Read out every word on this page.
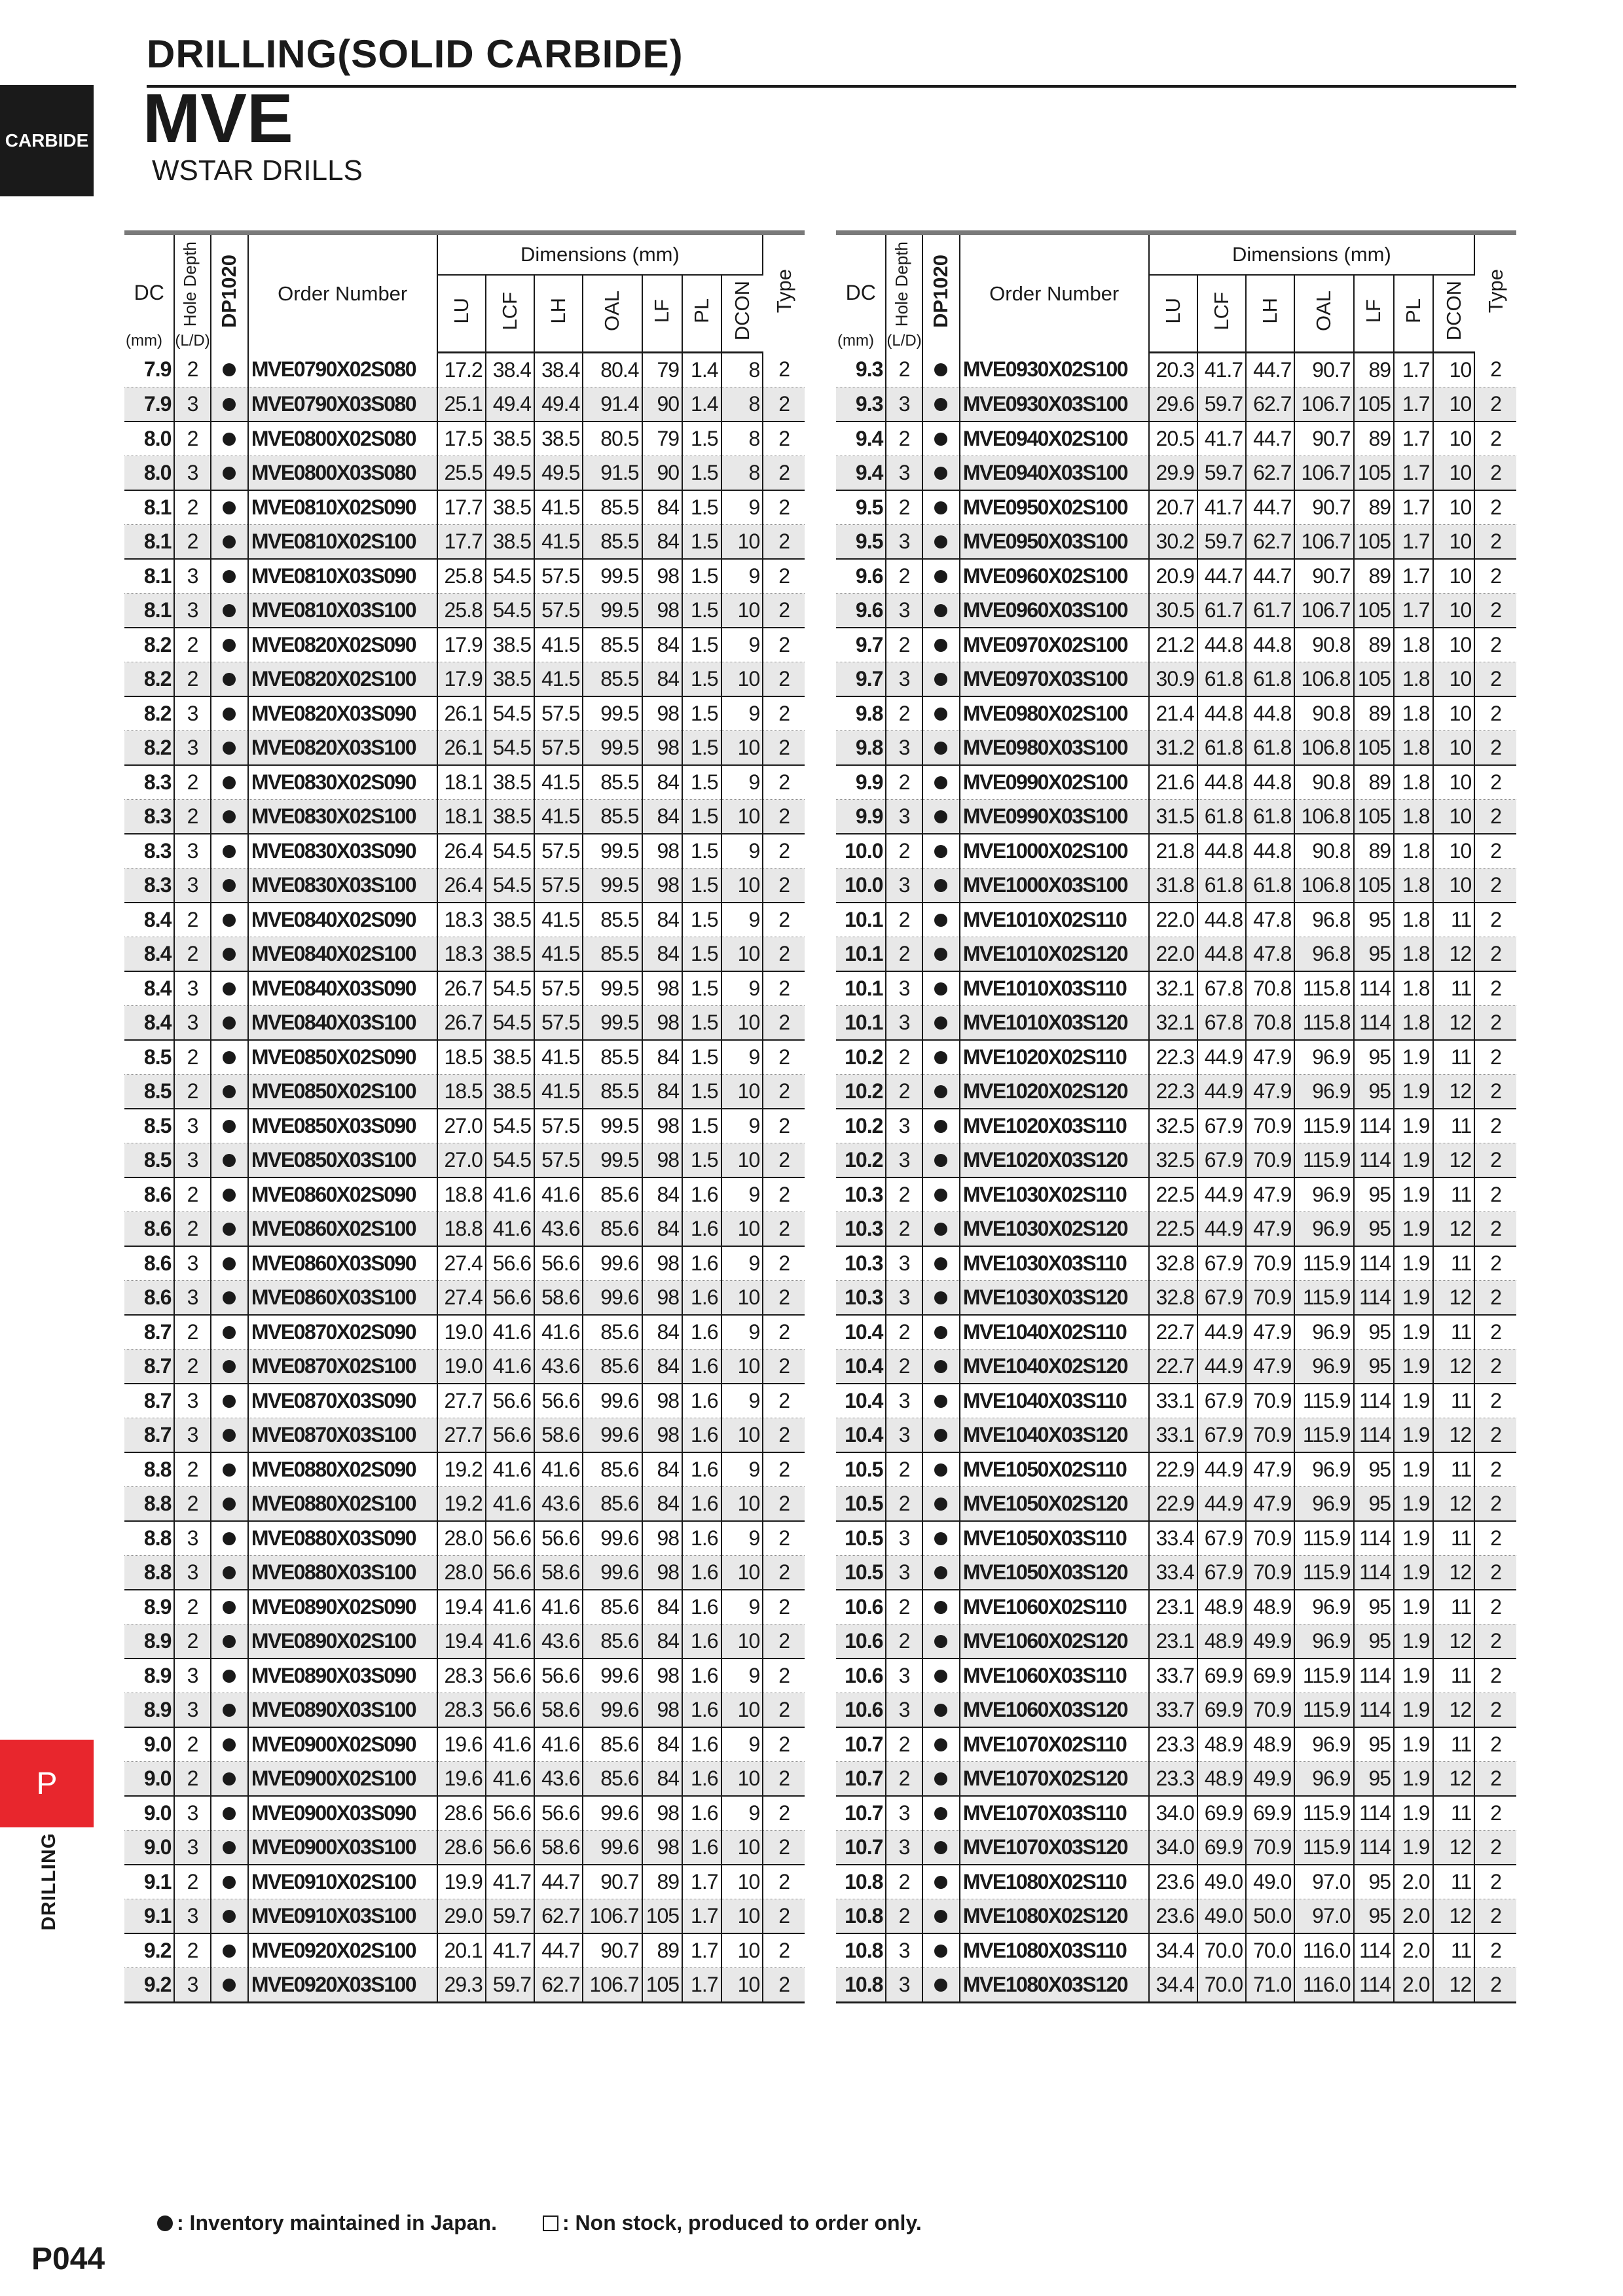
DRILLING(SOLID CARBIDE)
CARBIDE MVE
WSTAR DRILLS
DC
(mm)	Hole Depth
(L/D)	DP1020	Order Number	Dimensions (mm)							Type
				LU	LCF	LH	OAL	LF	PL	DCON	
7.9	2		MVE0790X02S080	17.2	38.4	38.4	80.4	79	1.4	8	2
7.9	3		MVE0790X03S080	25.1	49.4	49.4	91.4	90	1.4	8	2
8.0	2		MVE0800X02S080	17.5	38.5	38.5	80.5	79	1.5	8	2
8.0	3		MVE0800X03S080	25.5	49.5	49.5	91.5	90	1.5	8	2
8.1	2		MVE0810X02S090	17.7	38.5	41.5	85.5	84	1.5	9	2
8.1	2		MVE0810X02S100	17.7	38.5	41.5	85.5	84	1.5	10	2
8.1	3		MVE0810X03S090	25.8	54.5	57.5	99.5	98	1.5	9	2
8.1	3		MVE0810X03S100	25.8	54.5	57.5	99.5	98	1.5	10	2
8.2	2		MVE0820X02S090	17.9	38.5	41.5	85.5	84	1.5	9	2
8.2	2		MVE0820X02S100	17.9	38.5	41.5	85.5	84	1.5	10	2
8.2	3		MVE0820X03S090	26.1	54.5	57.5	99.5	98	1.5	9	2
8.2	3		MVE0820X03S100	26.1	54.5	57.5	99.5	98	1.5	10	2
8.3	2		MVE0830X02S090	18.1	38.5	41.5	85.5	84	1.5	9	2
8.3	2		MVE0830X02S100	18.1	38.5	41.5	85.5	84	1.5	10	2
8.3	3		MVE0830X03S090	26.4	54.5	57.5	99.5	98	1.5	9	2
8.3	3		MVE0830X03S100	26.4	54.5	57.5	99.5	98	1.5	10	2
8.4	2		MVE0840X02S090	18.3	38.5	41.5	85.5	84	1.5	9	2
8.4	2		MVE0840X02S100	18.3	38.5	41.5	85.5	84	1.5	10	2
8.4	3		MVE0840X03S090	26.7	54.5	57.5	99.5	98	1.5	9	2
8.4	3		MVE0840X03S100	26.7	54.5	57.5	99.5	98	1.5	10	2
8.5	2		MVE0850X02S090	18.5	38.5	41.5	85.5	84	1.5	9	2
8.5	2		MVE0850X02S100	18.5	38.5	41.5	85.5	84	1.5	10	2
8.5	3		MVE0850X03S090	27.0	54.5	57.5	99.5	98	1.5	9	2
8.5	3		MVE0850X03S100	27.0	54.5	57.5	99.5	98	1.5	10	2
8.6	2		MVE0860X02S090	18.8	41.6	41.6	85.6	84	1.6	9	2
8.6	2		MVE0860X02S100	18.8	41.6	43.6	85.6	84	1.6	10	2
8.6	3		MVE0860X03S090	27.4	56.6	56.6	99.6	98	1.6	9	2
8.6	3		MVE0860X03S100	27.4	56.6	58.6	99.6	98	1.6	10	2
8.7	2		MVE0870X02S090	19.0	41.6	41.6	85.6	84	1.6	9	2
8.7	2		MVE0870X02S100	19.0	41.6	43.6	85.6	84	1.6	10	2
8.7	3		MVE0870X03S090	27.7	56.6	56.6	99.6	98	1.6	9	2
8.7	3		MVE0870X03S100	27.7	56.6	58.6	99.6	98	1.6	10	2
8.8	2		MVE0880X02S090	19.2	41.6	41.6	85.6	84	1.6	9	2
8.8	2		MVE0880X02S100	19.2	41.6	43.6	85.6	84	1.6	10	2
8.8	3		MVE0880X03S090	28.0	56.6	56.6	99.6	98	1.6	9	2
8.8	3		MVE0880X03S100	28.0	56.6	58.6	99.6	98	1.6	10	2
8.9	2		MVE0890X02S090	19.4	41.6	41.6	85.6	84	1.6	9	2
8.9	2		MVE0890X02S100	19.4	41.6	43.6	85.6	84	1.6	10	2
8.9	3		MVE0890X03S090	28.3	56.6	56.6	99.6	98	1.6	9	2
8.9	3		MVE0890X03S100	28.3	56.6	58.6	99.6	98	1.6	10	2
9.0	2		MVE0900X02S090	19.6	41.6	41.6	85.6	84	1.6	9	2
9.0	2		MVE0900X02S100	19.6	41.6	43.6	85.6	84	1.6	10	2
9.0	3		MVE0900X03S090	28.6	56.6	56.6	99.6	98	1.6	9	2
9.0	3		MVE0900X03S100	28.6	56.6	58.6	99.6	98	1.6	10	2
9.1	2		MVE0910X02S100	19.9	41.7	44.7	90.7	89	1.7	10	2
9.1	3		MVE0910X03S100	29.0	59.7	62.7	106.7	105	1.7	10	2
9.2	2		MVE0920X02S100	20.1	41.7	44.7	90.7	89	1.7	10	2
9.2	3		MVE0920X03S100	29.3	59.7	62.7	106.7	105	1.7	10	2
DC
(mm)	Hole Depth
(L/D)	DP1020	Order Number	Dimensions (mm)							Type
				LU	LCF	LH	OAL	LF	PL	DCON	
9.3	2		MVE0930X02S100	20.3	41.7	44.7	90.7	89	1.7	10	2
9.3	3		MVE0930X03S100	29.6	59.7	62.7	106.7	105	1.7	10	2
9.4	2		MVE0940X02S100	20.5	41.7	44.7	90.7	89	1.7	10	2
9.4	3		MVE0940X03S100	29.9	59.7	62.7	106.7	105	1.7	10	2
9.5	2		MVE0950X02S100	20.7	41.7	44.7	90.7	89	1.7	10	2
9.5	3		MVE0950X03S100	30.2	59.7	62.7	106.7	105	1.7	10	2
9.6	2		MVE0960X02S100	20.9	44.7	44.7	90.7	89	1.7	10	2
9.6	3		MVE0960X03S100	30.5	61.7	61.7	106.7	105	1.7	10	2
9.7	2		MVE0970X02S100	21.2	44.8	44.8	90.8	89	1.8	10	2
9.7	3		MVE0970X03S100	30.9	61.8	61.8	106.8	105	1.8	10	2
9.8	2		MVE0980X02S100	21.4	44.8	44.8	90.8	89	1.8	10	2
9.8	3		MVE0980X03S100	31.2	61.8	61.8	106.8	105	1.8	10	2
9.9	2		MVE0990X02S100	21.6	44.8	44.8	90.8	89	1.8	10	2
9.9	3		MVE0990X03S100	31.5	61.8	61.8	106.8	105	1.8	10	2
10.0	2		MVE1000X02S100	21.8	44.8	44.8	90.8	89	1.8	10	2
10.0	3		MVE1000X03S100	31.8	61.8	61.8	106.8	105	1.8	10	2
10.1	2		MVE1010X02S110	22.0	44.8	47.8	96.8	95	1.8	11	2
10.1	2		MVE1010X02S120	22.0	44.8	47.8	96.8	95	1.8	12	2
10.1	3		MVE1010X03S110	32.1	67.8	70.8	115.8	114	1.8	11	2
10.1	3		MVE1010X03S120	32.1	67.8	70.8	115.8	114	1.8	12	2
10.2	2		MVE1020X02S110	22.3	44.9	47.9	96.9	95	1.9	11	2
10.2	2		MVE1020X02S120	22.3	44.9	47.9	96.9	95	1.9	12	2
10.2	3		MVE1020X03S110	32.5	67.9	70.9	115.9	114	1.9	11	2
10.2	3		MVE1020X03S120	32.5	67.9	70.9	115.9	114	1.9	12	2
10.3	2		MVE1030X02S110	22.5	44.9	47.9	96.9	95	1.9	11	2
10.3	2		MVE1030X02S120	22.5	44.9	47.9	96.9	95	1.9	12	2
10.3	3		MVE1030X03S110	32.8	67.9	70.9	115.9	114	1.9	11	2
10.3	3		MVE1030X03S120	32.8	67.9	70.9	115.9	114	1.9	12	2
10.4	2		MVE1040X02S110	22.7	44.9	47.9	96.9	95	1.9	11	2
10.4	2		MVE1040X02S120	22.7	44.9	47.9	96.9	95	1.9	12	2
10.4	3		MVE1040X03S110	33.1	67.9	70.9	115.9	114	1.9	11	2
10.4	3		MVE1040X03S120	33.1	67.9	70.9	115.9	114	1.9	12	2
10.5	2		MVE1050X02S110	22.9	44.9	47.9	96.9	95	1.9	11	2
10.5	2		MVE1050X02S120	22.9	44.9	47.9	96.9	95	1.9	12	2
10.5	3		MVE1050X03S110	33.4	67.9	70.9	115.9	114	1.9	11	2
10.5	3		MVE1050X03S120	33.4	67.9	70.9	115.9	114	1.9	12	2
10.6	2		MVE1060X02S110	23.1	48.9	48.9	96.9	95	1.9	11	2
10.6	2		MVE1060X02S120	23.1	48.9	49.9	96.9	95	1.9	12	2
10.6	3		MVE1060X03S110	33.7	69.9	69.9	115.9	114	1.9	11	2
10.6	3		MVE1060X03S120	33.7	69.9	70.9	115.9	114	1.9	12	2
10.7	2		MVE1070X02S110	23.3	48.9	48.9	96.9	95	1.9	11	2
10.7	2		MVE1070X02S120	23.3	48.9	49.9	96.9	95	1.9	12	2
10.7	3		MVE1070X03S110	34.0	69.9	69.9	115.9	114	1.9	11	2
10.7	3		MVE1070X03S120	34.0	69.9	70.9	115.9	114	1.9	12	2
10.8	2		MVE1080X02S110	23.6	49.0	49.0	97.0	95	2.0	11	2
10.8	2		MVE1080X02S120	23.6	49.0	50.0	97.0	95	2.0	12	2
10.8	3		MVE1080X03S110	34.4	70.0	70.0	116.0	114	2.0	11	2
10.8	3		MVE1080X03S120	34.4	70.0	71.0	116.0	114	2.0	12	2
P
DRILLING
: Inventory maintained in Japan.	: Non stock, produced to order only.
P044
